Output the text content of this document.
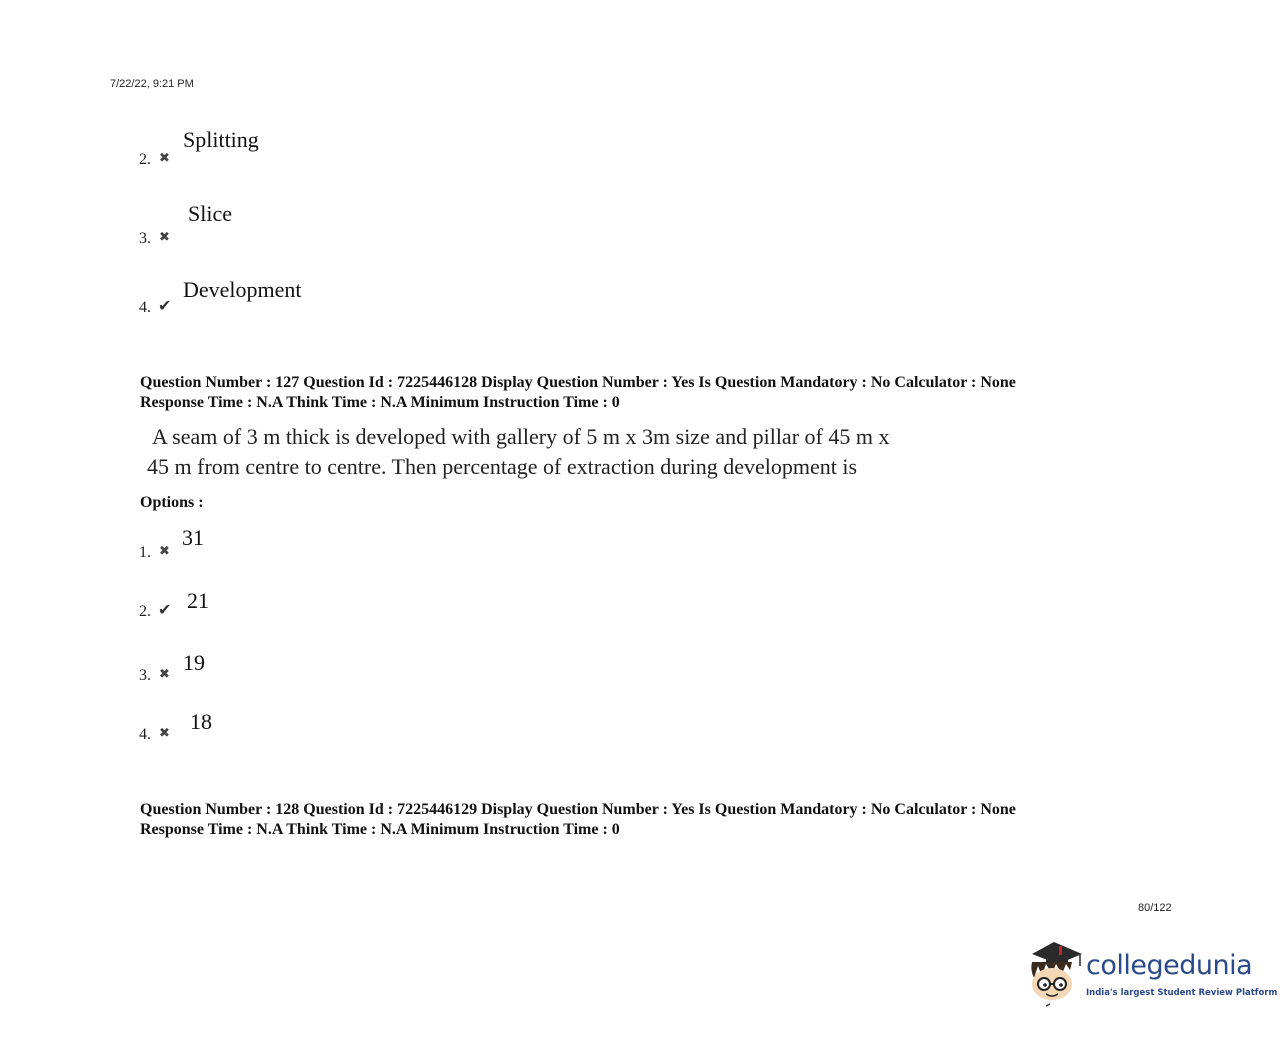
7/22/22, 9:21 PM
2. ✖
Splitting
3. ✖
Slice
4. ✔
Development
Question Number : 127 Question Id : 7225446128 Display Question Number : Yes Is Question Mandatory : No Calculator : None
Response Time : N.A Think Time : N.A Minimum Instruction Time : 0
A seam of 3 m thick is developed with gallery of 5 m x 3m size and pillar of 45 m x
45 m from centre to centre. Then percentage of extraction during development is
Options :
1. ✖
31
2. ✔ 21
3. ✖ 19
4. ✖ 18
Question Number : 128 Question Id : 7225446129 Display Question Number : Yes Is Question Mandatory : No Calculator : None
Response Time : N.A Think Time : N.A Minimum Instruction Time : 0
80/122
collegedunia
India's largest Student Review Platform
